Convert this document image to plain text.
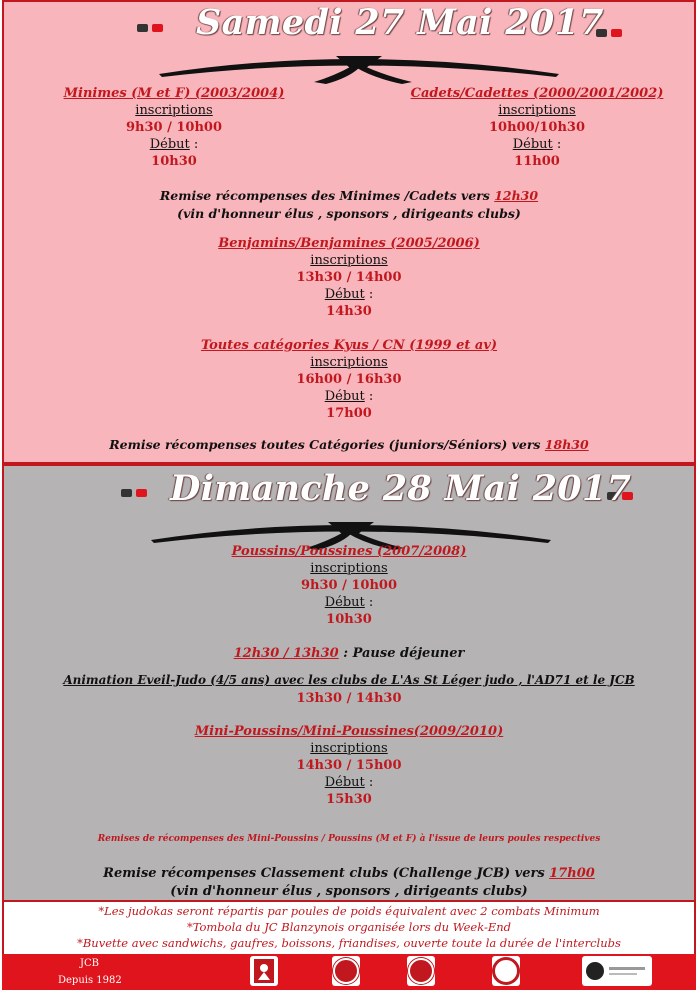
Samedi 27 Mai 2017
Minimes (M et F) (2003/2004)
inscriptions
9h30 / 10h00
Début :
10h30
Cadets/Cadettes (2000/2001/2002)
inscriptions
10h00/10h30
Début :
11h00
Remise récompenses des Minimes /Cadets vers 12h30
(vin d'honneur élus , sponsors , dirigeants clubs)
Benjamins/Benjamines (2005/2006)
inscriptions
13h30 / 14h00
Début :
14h30
Toutes catégories Kyus / CN (1999 et av)
inscriptions
16h00 / 16h30
Début :
17h00
Remise récompenses toutes Catégories (juniors/Séniors) vers 18h30
Dimanche 28 Mai 2017
Poussins/Poussines (2007/2008)
inscriptions
9h30 / 10h00
Début :
10h30
12h30 / 13h30 : Pause déjeuner
Animation Eveil-Judo (4/5 ans) avec les clubs de L'As St Léger judo , l'AD71 et le JCB
13h30 / 14h30
Mini-Poussins/Mini-Poussines(2009/2010)
inscriptions
14h30 / 15h00
Début :
15h30
Remises de récompenses des Mini-Poussins / Poussins (M et F) à l'issue de leurs poules respectives
Remise récompenses Classement clubs (Challenge JCB) vers 17h00
(vin d'honneur élus , sponsors , dirigeants clubs)
*Les judokas seront répartis par poules de poids équivalent avec 2 combats Minimum
*Tombola du JC Blanzynois organisée lors du Week-End
*Buvette avec sandwichs, gaufres, boissons, friandises, ouverte toute la durée de l'interclubs
JCB
Depuis 1982
